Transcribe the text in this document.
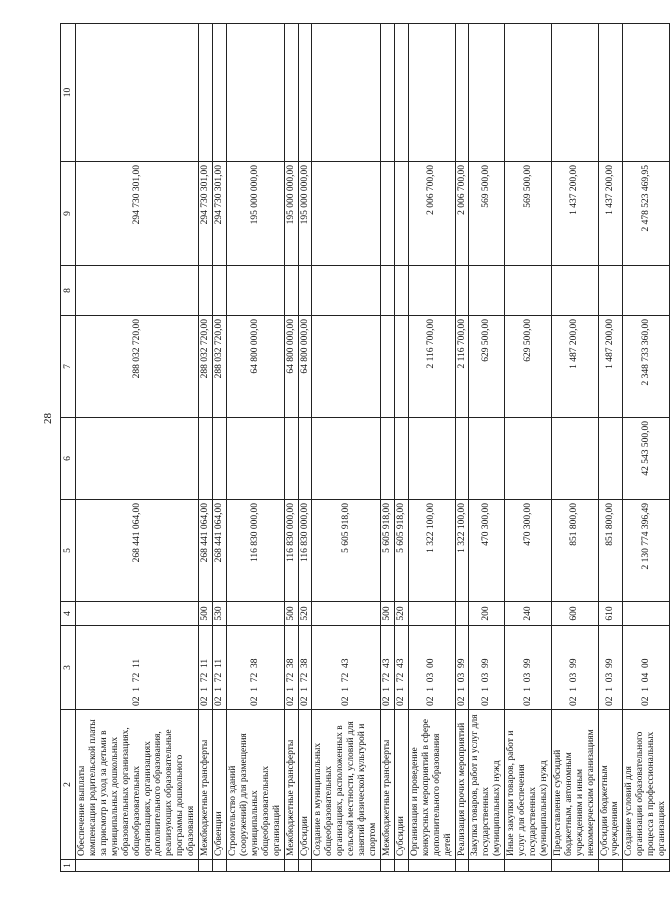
28
1	2	3	4	5	6	7	8	9	10
	Обеспечение выплаты компенсации родительской платы за присмотр и уход за детьми в муниципальных дошкольных образовательных организациях, общеобразовательных организациях, организациях дополнительного образования, реализующих образовательные программы дошкольного образования	02  1  72  11		268 441 064,00		288 032 720,00		294 730 301,00	
	Межбюджетные трансферты	02  1  72  11	500	268 441 064,00		288 032 720,00		294 730 301,00	
	Субвенции	02  1  72  11	530	268 441 064,00		288 032 720,00		294 730 301,00	
	Строительство зданий (сооружений) для размещения муниципальных общеобразовательных организаций	02  1  72  38		116 830 000,00		64 800 000,00		195 000 000,00	
	Межбюджетные трансферты	02  1  72  38	500	116 830 000,00		64 800 000,00		195 000 000,00	
	Субсидии	02  1  72  38	520	116 830 000,00		64 800 000,00		195 000 000,00	
	Создание в муниципальных общеобразовательных организациях, расположенных в сельской местности, условий для занятий физической культурой и спортом	02  1  72  43		5 605 918,00					
	Межбюджетные трансферты	02  1  72  43	500	5 605 918,00					
	Субсидии	02  1  72  43	520	5 605 918,00					
	Организация и проведение конкурсных мероприятий в сфере дополнительного образования детей	02  1  03  00		1 322 100,00		2 116 700,00		2 006 700,00	
	Реализация прочих мероприятий	02  1  03  99		1 322 100,00		2 116 700,00		2 006 700,00	
	Закупка товаров, работ и услуг для государственных (муниципальных) нужд	02  1  03  99	200	470 300,00		629 500,00		569 500,00	
	Иные закупки товаров, работ и услуг для обеспечения государственных (муниципальных) нужд	02  1  03  99	240	470 300,00		629 500,00		569 500,00	
	Предоставление субсидий бюджетным, автономным учреждениям и иным некоммерческим организациям	02  1  03  99	600	851 800,00		1 487 200,00		1 437 200,00	
	Субсидии бюджетным учреждениям	02  1  03  99	610	851 800,00		1 487 200,00		1 437 200,00	
	Создание условий для организации образовательного процесса в профессиональных организациях	02  1  04  00		2 130 774 396,49	42 543 500,00	2 348 733 360,00		2 478 523 469,95	
